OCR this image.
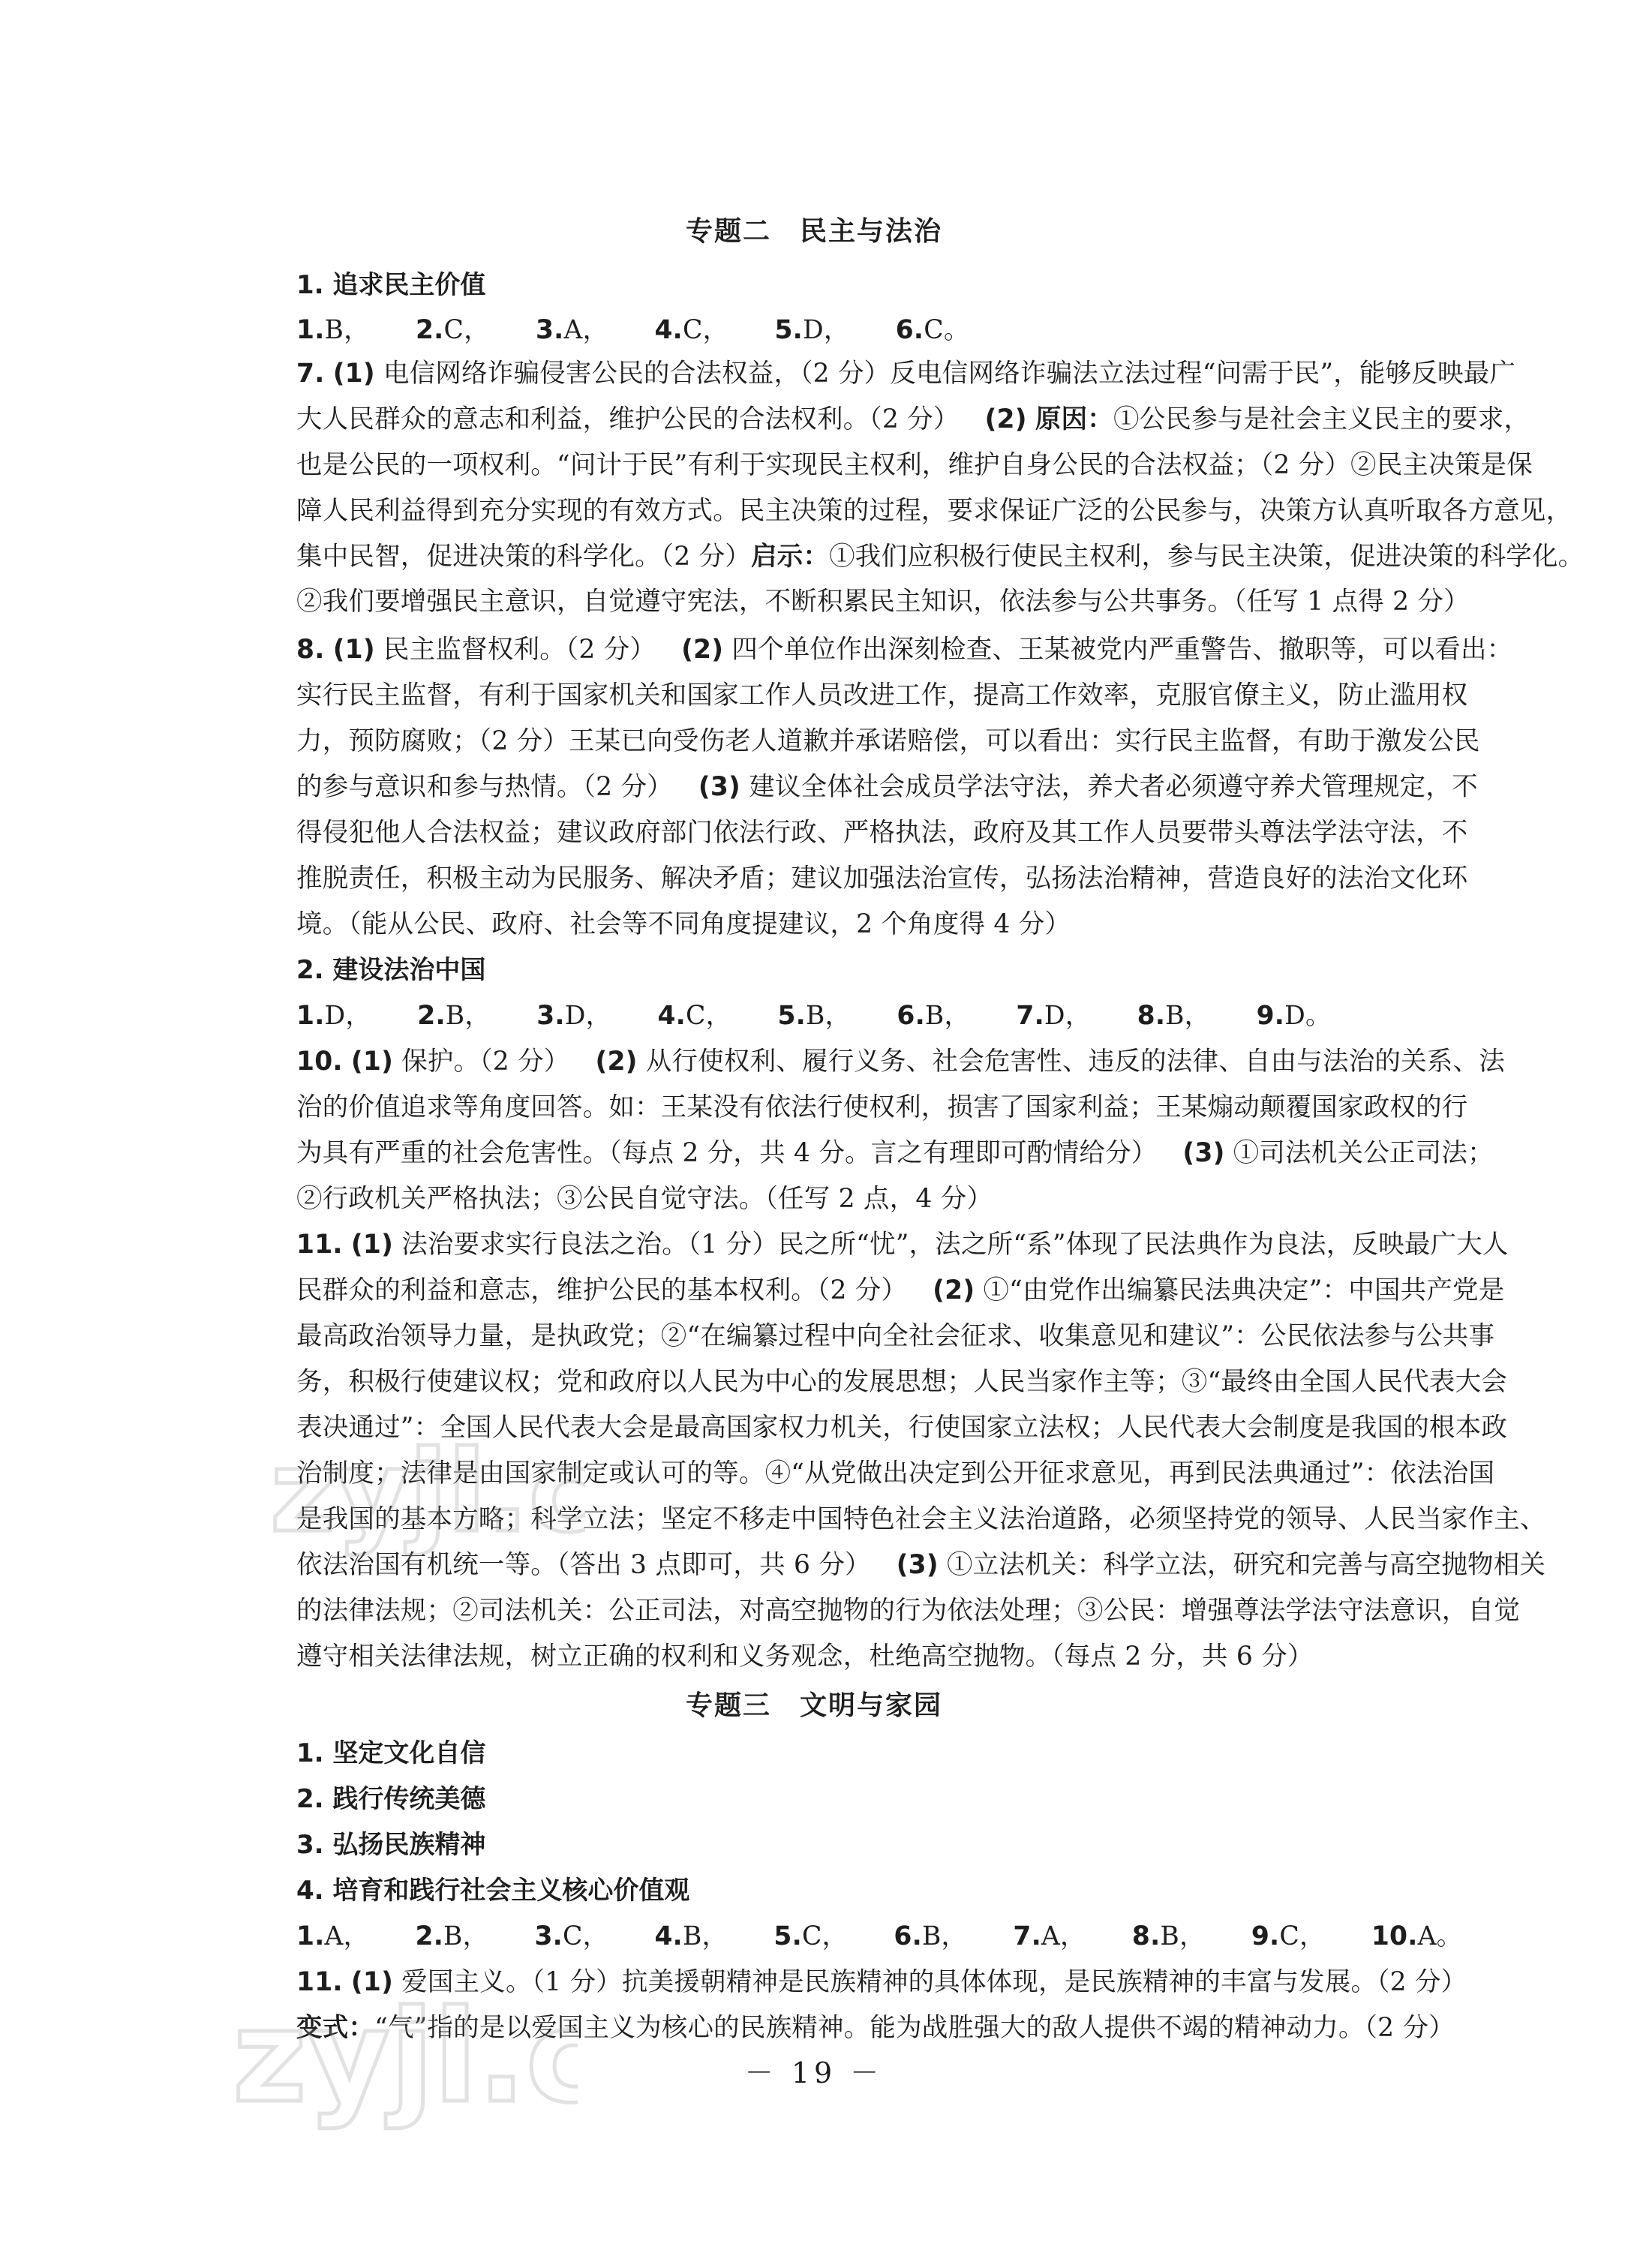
专题二　民主与法治
1. 追求民主价值
1.B， 2.C， 3.A， 4.C， 5.D， 6.C。
7. (1) 电信网络诈骗侵害公民的合法权益，（2 分）反电信网络诈骗法立法过程“问需于民”，能够反映最广
大人民群众的意志和利益，维护公民的合法权利。（2 分） (2) 原因：①公民参与是社会主义民主的要求，
也是公民的一项权利。“问计于民”有利于实现民主权利，维护自身公民的合法权益；（2 分）②民主决策是保
障人民利益得到充分实现的有效方式。民主决策的过程，要求保证广泛的公民参与，决策方认真听取各方意见，
集中民智，促进决策的科学化。（2 分）启示：①我们应积极行使民主权利，参与民主决策，促进决策的科学化。
②我们要增强民主意识，自觉遵守宪法，不断积累民主知识，依法参与公共事务。（任写 1 点得 2 分）
8. (1) 民主监督权利。（2 分） (2) 四个单位作出深刻检查、王某被党内严重警告、撤职等，可以看出：
实行民主监督，有利于国家机关和国家工作人员改进工作，提高工作效率，克服官僚主义，防止滥用权
力，预防腐败；（2 分）王某已向受伤老人道歉并承诺赔偿，可以看出：实行民主监督，有助于激发公民
的参与意识和参与热情。（2 分） (3) 建议全体社会成员学法守法，养犬者必须遵守养犬管理规定，不
得侵犯他人合法权益；建议政府部门依法行政、严格执法，政府及其工作人员要带头尊法学法守法，不
推脱责任，积极主动为民服务、解决矛盾；建议加强法治宣传，弘扬法治精神，营造良好的法治文化环
境。（能从公民、政府、社会等不同角度提建议，2 个角度得 4 分）
2. 建设法治中国
1.D， 2.B， 3.D， 4.C， 5.B， 6.B， 7.D， 8.B， 9.D。
10. (1) 保护。（2 分） (2) 从行使权利、履行义务、社会危害性、违反的法律、自由与法治的关系、法
治的价值追求等角度回答。如：王某没有依法行使权利，损害了国家利益；王某煽动颠覆国家政权的行
为具有严重的社会危害性。（每点 2 分，共 4 分。言之有理即可酌情给分） (3) ①司法机关公正司法；
②行政机关严格执法；③公民自觉守法。（任写 2 点，4 分）
11. (1) 法治要求实行良法之治。（1 分）民之所“忧”，法之所“系”体现了民法典作为良法，反映最广大人
民群众的利益和意志，维护公民的基本权利。（2 分） (2) ①“由党作出编纂民法典决定”：中国共产党是
最高政治领导力量，是执政党；②“在编纂过程中向全社会征求、收集意见和建议”：公民依法参与公共事
务，积极行使建议权；党和政府以人民为中心的发展思想；人民当家作主等；③“最终由全国人民代表大会
表决通过”：全国人民代表大会是最高国家权力机关，行使国家立法权；人民代表大会制度是我国的根本政
治制度；法律是由国家制定或认可的等。④“从党做出决定到公开征求意见，再到民法典通过”：依法治国
是我国的基本方略；科学立法；坚定不移走中国特色社会主义法治道路，必须坚持党的领导、人民当家作主、
依法治国有机统一等。（答出 3 点即可，共 6 分） (3) ①立法机关：科学立法，研究和完善与高空抛物相关
的法律法规；②司法机关：公正司法，对高空抛物的行为依法处理；③公民：增强尊法学法守法意识，自觉
遵守相关法律法规，树立正确的权利和义务观念，杜绝高空抛物。（每点 2 分，共 6 分）
专题三　文明与家园
1. 坚定文化自信
2. 践行传统美德
3. 弘扬民族精神
4. 培育和践行社会主义核心价值观
1.A， 2.B， 3.C， 4.B， 5.C， 6.B， 7.A， 8.B， 9.C， 10.A。
11. (1) 爱国主义。（1 分）抗美援朝精神是民族精神的具体体现，是民族精神的丰富与发展。（2 分）
变式：“气”指的是以爱国主义为核心的民族精神。能为战胜强大的敌人提供不竭的精神动力。（2 分）
－ 19 －
zyjl.c
zyjl.c
